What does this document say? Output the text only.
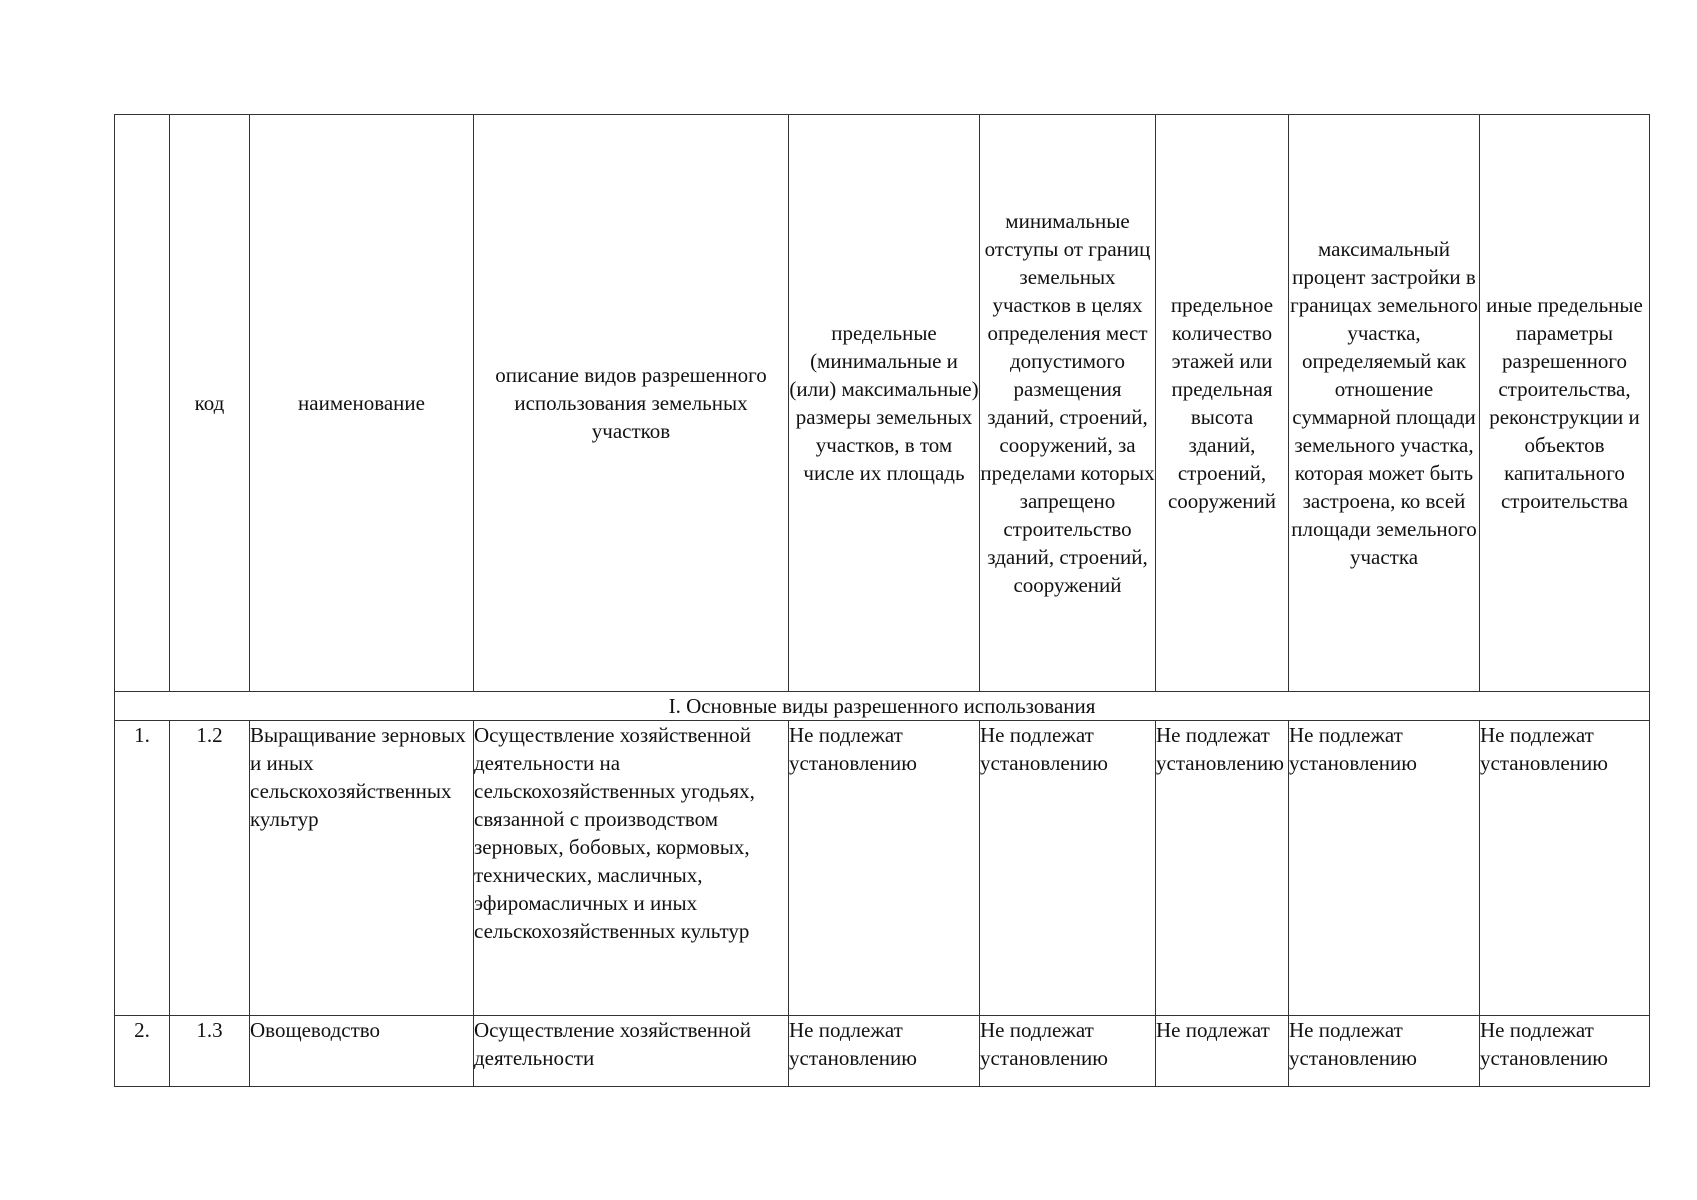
	код	наименование	описание видов разрешенного использования земельных участков	предельные (минимальные и (или) максимальные) размеры земельных участков, в том числе их площадь	минимальные отступы от границ земельных участков в целях определения мест допустимого размещения зданий, строений, сооружений, за пределами которых запрещено строительство зданий, строений, сооружений	предельное количество этажей или предельная высота зданий, строений, сооружений	максимальный процент застройки в границах земельного участка, определяемый как отношение суммарной площади земельного участка, которая может быть застроена, ко всей площади земельного участка	иные предельные параметры разрешенного строительства, реконструкции и объектов капитального строительства
I. Основные виды разрешенного использования								
1.	1.2	Выращивание зерновых и иных сельскохозяйственных культур	Осуществление хозяйственной деятельности на сельскохозяйственных угодьях, связанной с производством зерновых, бобовых, кормовых, технических, масличных, эфиромасличных и иных сельскохозяйственных культур	Не подлежат установлению	Не подлежат установлению	Не подлежат установлению	Не подлежат установлению	Не подлежат установлению
2.	1.3	Овощеводство	Осуществление хозяйственной деятельности	Не подлежат установлению	Не подлежат установлению	Не подлежат	Не подлежат установлению	Не подлежат установлению
